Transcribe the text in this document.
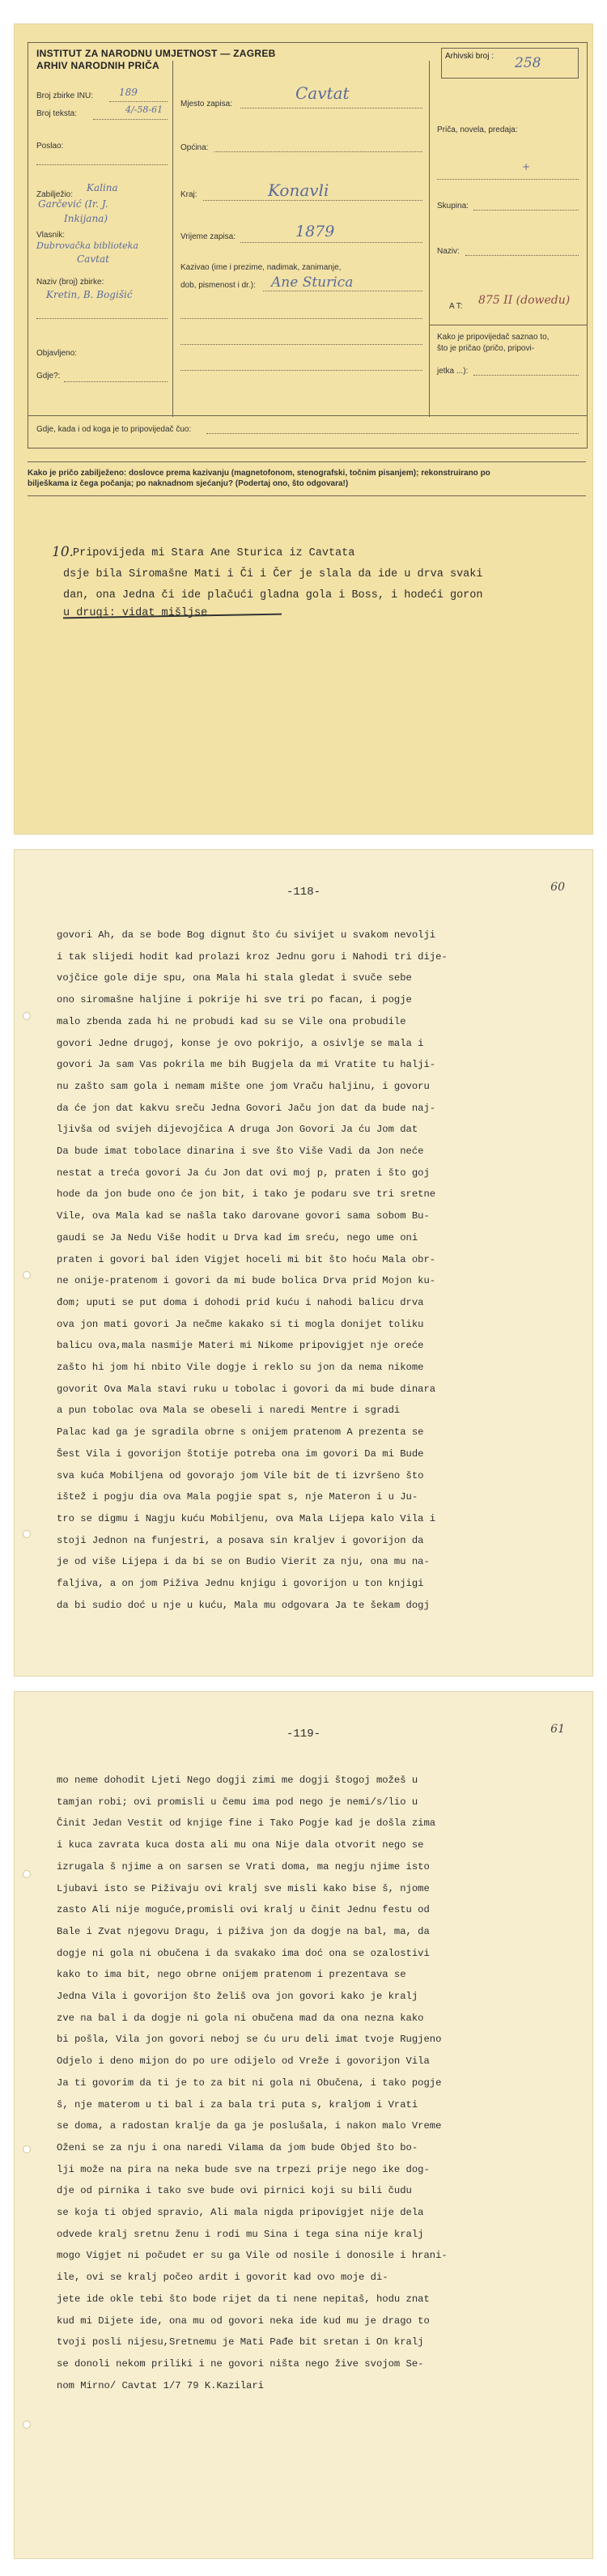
INSTITUT ZA NARODNU UMJETNOST — ZAGREB
ARHIV NARODNIH PRIČA
Arhivski broj : 258
Broj zbirke INU:	189
Broj teksta:	4/-58-61
Poslao:
Zabilježio:
Kalina
Garčević (Ir. J.
Inkijana)
Vlasnik:
Dubrovačka biblioteka
Cavtat
Naziv (broj) zbirke:
Kretin, B. Bogišić
Objavljeno:
Gdje?:
Mjesto zapisa:
Cavtat
Općina:
Kraj:	Konavli
Vrijeme zapisa:	1879
Kazivao (ime i prezime, nadimak, zanimanje,
dob, pismenost i dr.): Ane Sturica
Priča, novela, predaja:
+
Skupina:
Naziv:
A T: 875 II (dowedu)
Kako je pripovijedač saznao to,
što je pričao (pričo, pripovi-
jetka ...):
Gdje, kada i od koga je to pripovijedač čuo:
Kako je pričo zabilježeno: doslovce prema kazivanju (magnetofonom, stenografski, točnim pisanjem); rekonstruirano po
bilješkama iz čega počanja; po naknadnom sjećanju? (Podertaj ono, što odgovara!)
10.
Pripovijeda mi Stara Ane Sturica iz Cavtata
dsje bila Siromašne Mati i Či i Čer je slala da ide u drva svaki
dan, ona Jedna či ide plačući gladna gola i Boss, i hodeći goron
u drugi: vidat mišljse
-118-	60
govori Ah, da se bode Bog dignut što ću sivijet u svakom nevolji
i tak slijedi hodit kad prolazi kroz Jednu goru i Nahodi tri dije-
vojčice gole dije spu, ona Mala hi stala gledat i svuče sebe
ono siromašne haljine i pokrije hi sve tri po facan, i pogje
malo zbenda zada hi ne probudi kad su se Vile ona probudile
govori Jedne drugoj, konse je ovo pokrijo, a osivlje se mala i
govori Ja sam Vas pokrila me bih Bugjela da mi Vratite tu halji-
nu zašto sam gola i nemam mište one jom Vraču haljinu, i govoru
da će jon dat kakvu sreču Jedna Govori Jaču jon dat da bude naj-
ljivša od svijeh dijevojčica A druga Jon Govori Ja ću Jom dat
Da bude imat tobolace dinarina i sve što Više Vadi da Jon neće
nestat a treća govori Ja ću Jon dat ovi moj p, praten i što goj
hode da jon bude ono će jon bit, i tako je podaru sve tri sretne
Vile, ova Mala kad se našla tako darovane govori sama sobom Bu-
gaudi se Ja Nedu Više hodit u Drva kad im sreću, nego ume oni
praten i govori bal iden Vigjet hoceli mi bit što hoću Mala obr-
ne onije-pratenom i govori da mi bude bolica Drva prid Mojon ku-
đom; uputi se put doma i dohodi prid kuću i nahodi balicu drva
ova jon mati govori Ja nečme kakako si ti mogla donijet toliku
balicu ova,mala nasmije Materi mi Nikome pripovigjet nje oreće
zašto hi jom hi nbito Vile dogje i reklo su jon da nema nikome
govorit Ova Mala stavi ruku u tobolac i govori da mi bude dinara
a pun tobolac ova Mala se obeseli i naredi Mentre i sgradi
Palac kad ga je sgradila obrne s onijem pratenom A prezenta se
Šest Vila i govorijon štotije potreba ona im govori Da mi Bude
sva kuća Mobiljena od govorajo jom Vile bit de ti izvršeno što
ištež i pogju dia ova Mala pogjie spat s, nje Materon i u Ju-
tro se digmu i Nagju kuću Mobiljenu, ova Mala Lijepa kalo Vila i
stoji Jednon na funjestri, a posava sin kraljev i govorijon da
je od više Lijepa i da bi se on Budio Vierit za nju, ona mu na-
faljiva, a on jom Piživa Jednu knjigu i govorijon u ton knjigi
da bi sudio doć u nje u kuću, Mala mu odgovara Ja te šekam dogj
-119-	61
mo neme dohodit Ljeti Nego dogji zimi me dogji štogoj možeš u
tamjan robi; ovi promisli u čemu ima pod nego je nemi/s/lio u
Činit Jedan Vestit od knjige fine i Tako Pogje kad je došla zima
i kuca zavrata kuca dosta ali mu ona Nije dala otvorit nego se
izrugala š njime a on sarsen se Vrati doma, ma negju njime isto
Ljubavi isto se Piživaju ovi kralj sve misli kako bise š, njome
zasto Ali nije moguće,promisli ovi kralj u činit Jednu festu od
Bale i Zvat njegovu Dragu, i piživa jon da dogje na bal, ma, da
dogje ni gola ni obučena i da svakako ima doć ona se ozalostivi
kako to ima bit, nego obrne onijem pratenom i prezentava se
Jedna Vila i govorijon što želiš ova jon govori kako je kralj
zve na bal i da dogje ni gola ni obučena mad da ona nezna kako
bi pošla, Vila jon govori neboj se ću uru deli imat tvoje Rugjeno
Odjelo i deno mijon do po ure odijelo od Vreže i govorijon Vila
Ja ti govorim da ti je to za bit ni gola ni Obučena, i tako pogje
š, nje materom u ti bal i za bala tri puta s, kraljom i Vrati
se doma, a radostan kralje da ga je poslušala, i nakon malo Vreme
Oženi se za nju i ona naredi Vilama da jom bude Objed što bo-
lji može na pira na neka bude sve na trpezi prije nego ike dog-
dje od pirnika i tako sve bude ovi pirnici koji su bili čudu
se koja ti objed spravio, Ali mala nigda pripovigjet nije dela
odvede kralj sretnu ženu i rodi mu Sina i tega sina nije kralj
mogo Vigjet ni počudet er su ga Vile od nosile i donosile i hrani-
ile, ovi se kralj počeo ardit i govorit kad ovo moje di-
jete ide okle tebi što bode rijet da ti nene nepitaš, hodu znat
kud mi Dijete ide, ona mu od govori neka ide kud mu je drago to
tvoji posli nijesu,Sretnemu je Mati Pađe bit sretan i On kralj
se donoli nekom priliki i ne govori ništa nego žive svojom Se-
nom Mirno/ Cavtat 1/7 79 K.Kazilari
